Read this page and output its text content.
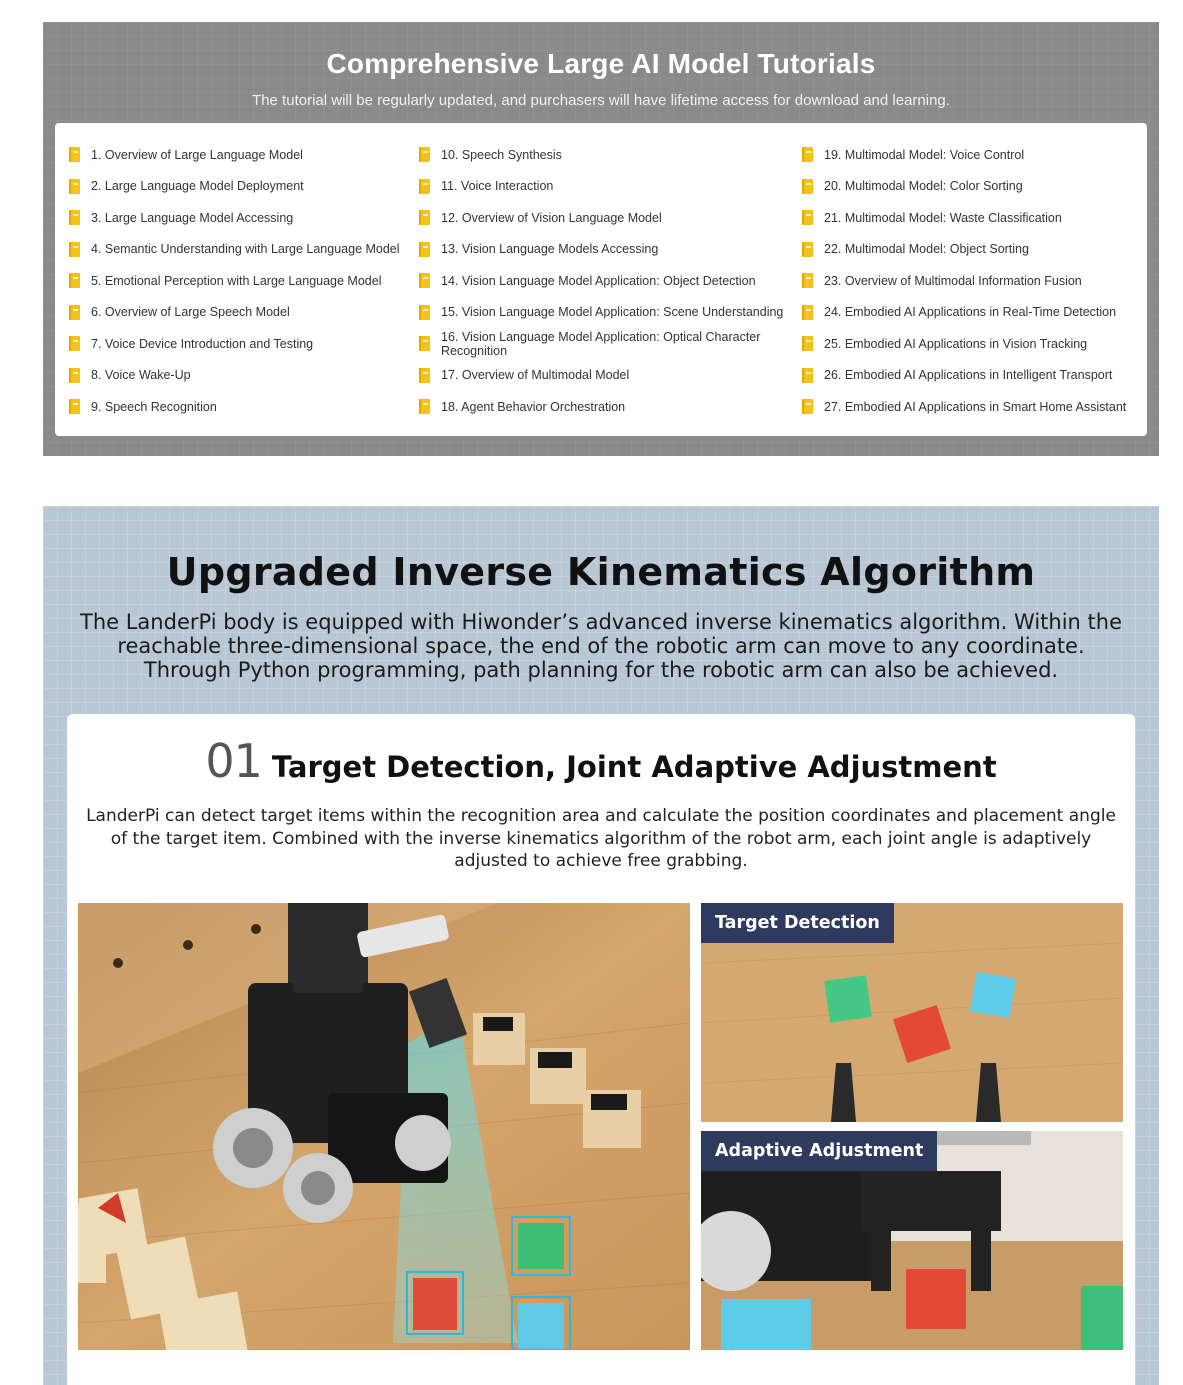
Comprehensive Large AI Model Tutorials

The tutorial will be regularly updated, and purchasers will have lifetime access for download and learning.

1. Overview of Large Language Model
2. Large Language Model Deployment
3. Large Language Model Accessing
4. Semantic Understanding with Large Language Model
5. Emotional Perception with Large Language Model
6. Overview of Large Speech Model
7. Voice Device Introduction and Testing
8. Voice Wake-Up
9. Speech Recognition
10. Speech Synthesis
11. Voice Interaction
12. Overview of Vision Language Model
13. Vision Language Models Accessing
14. Vision Language Model Application: Object Detection
15. Vision Language Model Application: Scene Understanding
16. Vision Language Model Application: Optical Character Recognition
17. Overview of Multimodal Model
18. Agent Behavior Orchestration
19. Multimodal Model: Voice Control
20. Multimodal Model: Color Sorting
21. Multimodal Model: Waste Classification
22. Multimodal Model: Object Sorting
23. Overview of Multimodal Information Fusion
24. Embodied AI Applications in Real-Time Detection
25. Embodied AI Applications in Vision Tracking
26. Embodied AI Applications in Intelligent Transport
27. Embodied AI Applications in Smart Home Assistant
Upgraded Inverse Kinematics Algorithm

The LanderPi body is equipped with Hiwonder’s advanced inverse kinematics algorithm. Within the reachable three-dimensional space, the end of the robotic arm can move to any coordinate. Through Python programming, path planning for the robotic arm can also be achieved.

01 Target Detection, Joint Adaptive Adjustment

LanderPi can detect target items within the recognition area and calculate the position coordinates and placement angle of the target item. Combined with the inverse kinematics algorithm of the robot arm, each joint angle is adaptively adjusted to achieve free grabbing.

Target Detection
Adaptive Adjustment
